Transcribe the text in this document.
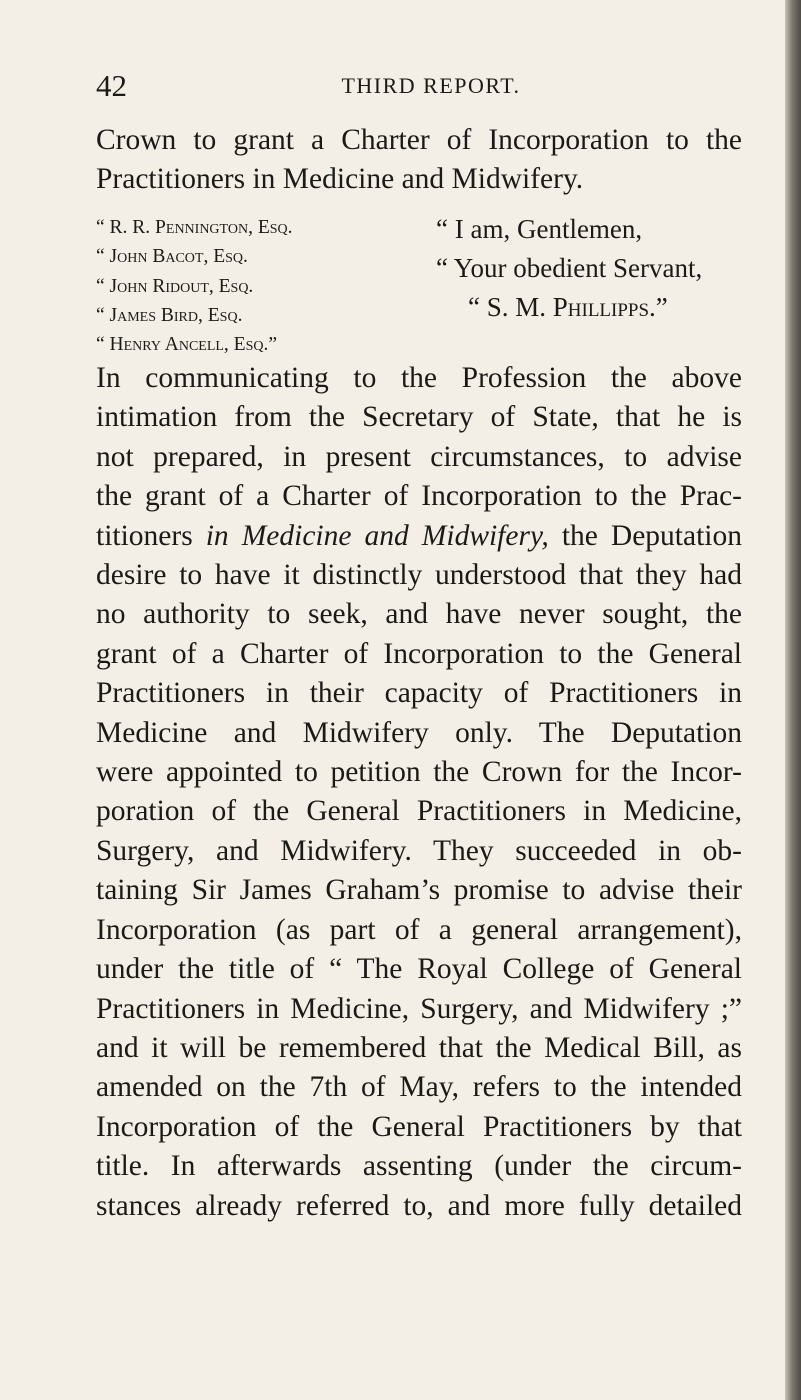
42	THIRD REPORT.

Crown to grant a Charter of Incorporation to the
Practitioners in Medicine and Midwifery.

“ R. R. Pennington, Esq.
“ John Bacot, Esq.
“ John Ridout, Esq.
“ James Bird, Esq.
“ Henry Ancell, Esq.”
“ I am, Gentlemen,
“ Your obedient Servant,
“ S. M. Phillipps.”

In communicating to the Profession the above
intimation from the Secretary of State, that he is
not prepared, in present circumstances, to advise
the grant of a Charter of Incorporation to the Prac-
titioners in Medicine and Midwifery, the Deputation
desire to have it distinctly understood that they had
no authority to seek, and have never sought, the
grant of a Charter of Incorporation to the General
Practitioners in their capacity of Practitioners in
Medicine and Midwifery only. The Deputation
were appointed to petition the Crown for the Incor-
poration of the General Practitioners in Medicine,
Surgery, and Midwifery. They succeeded in ob-
taining Sir James Graham’s promise to advise their
Incorporation (as part of a general arrangement),
under the title of “ The Royal College of General
Practitioners in Medicine, Surgery, and Midwifery ;”
and it will be remembered that the Medical Bill, as
amended on the 7th of May, refers to the intended
Incorporation of the General Practitioners by that
title. In afterwards assenting (under the circum-
stances already referred to, and more fully detailed
